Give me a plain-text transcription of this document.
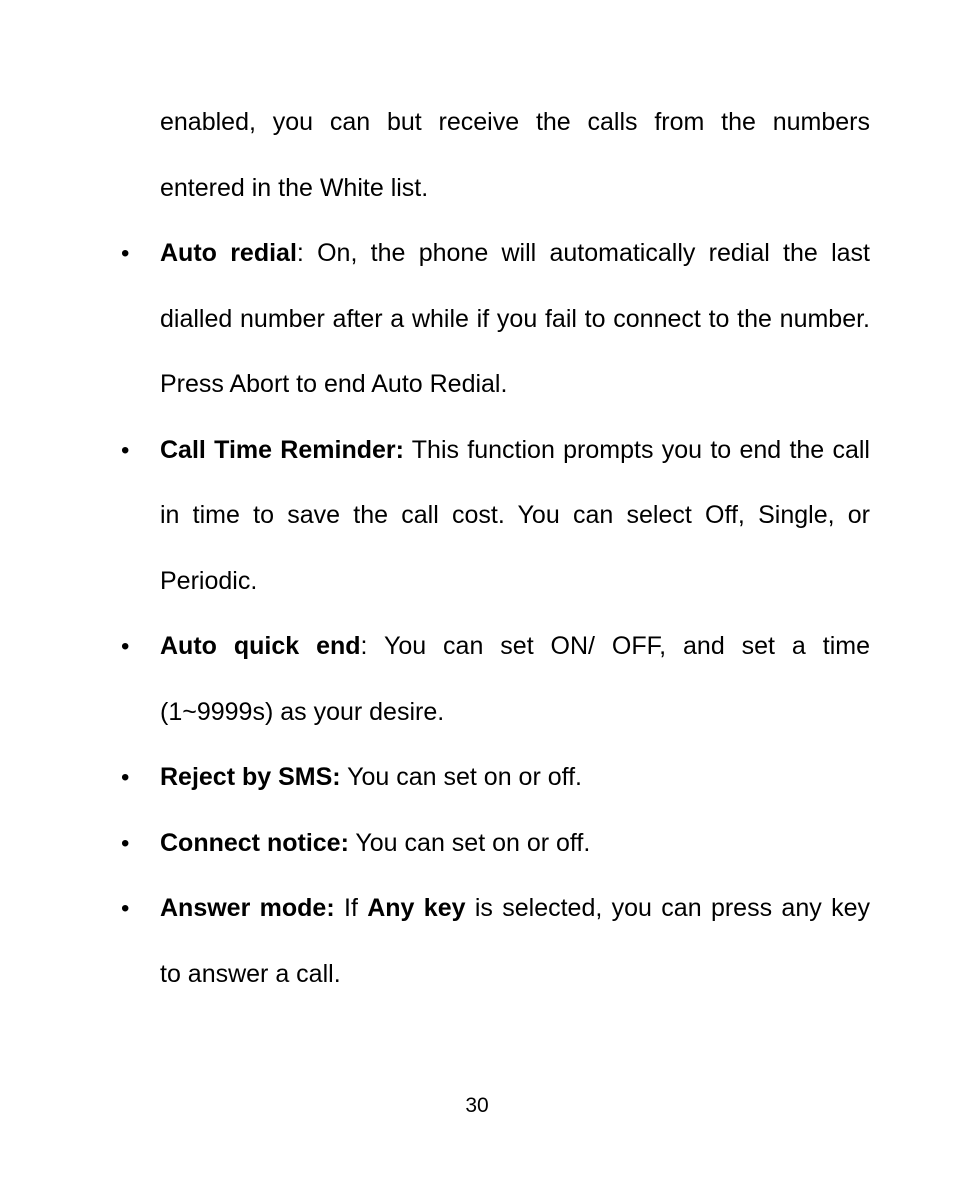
enabled, you can but receive the calls from the numbers entered in the White list.

• Auto redial: On, the phone will automatically redial the last dialled number after a while if you fail to connect to the number. Press Abort to end Auto Redial.
• Call Time Reminder: This function prompts you to end the call in time to save the call cost. You can select Off, Single, or Periodic.
• Auto quick end: You can set ON/ OFF, and set a time (1~9999s) as your desire.
• Reject by SMS: You can set on or off.
• Connect notice: You can set on or off.
• Answer mode: If Any key is selected, you can press any key to answer a call.
30
